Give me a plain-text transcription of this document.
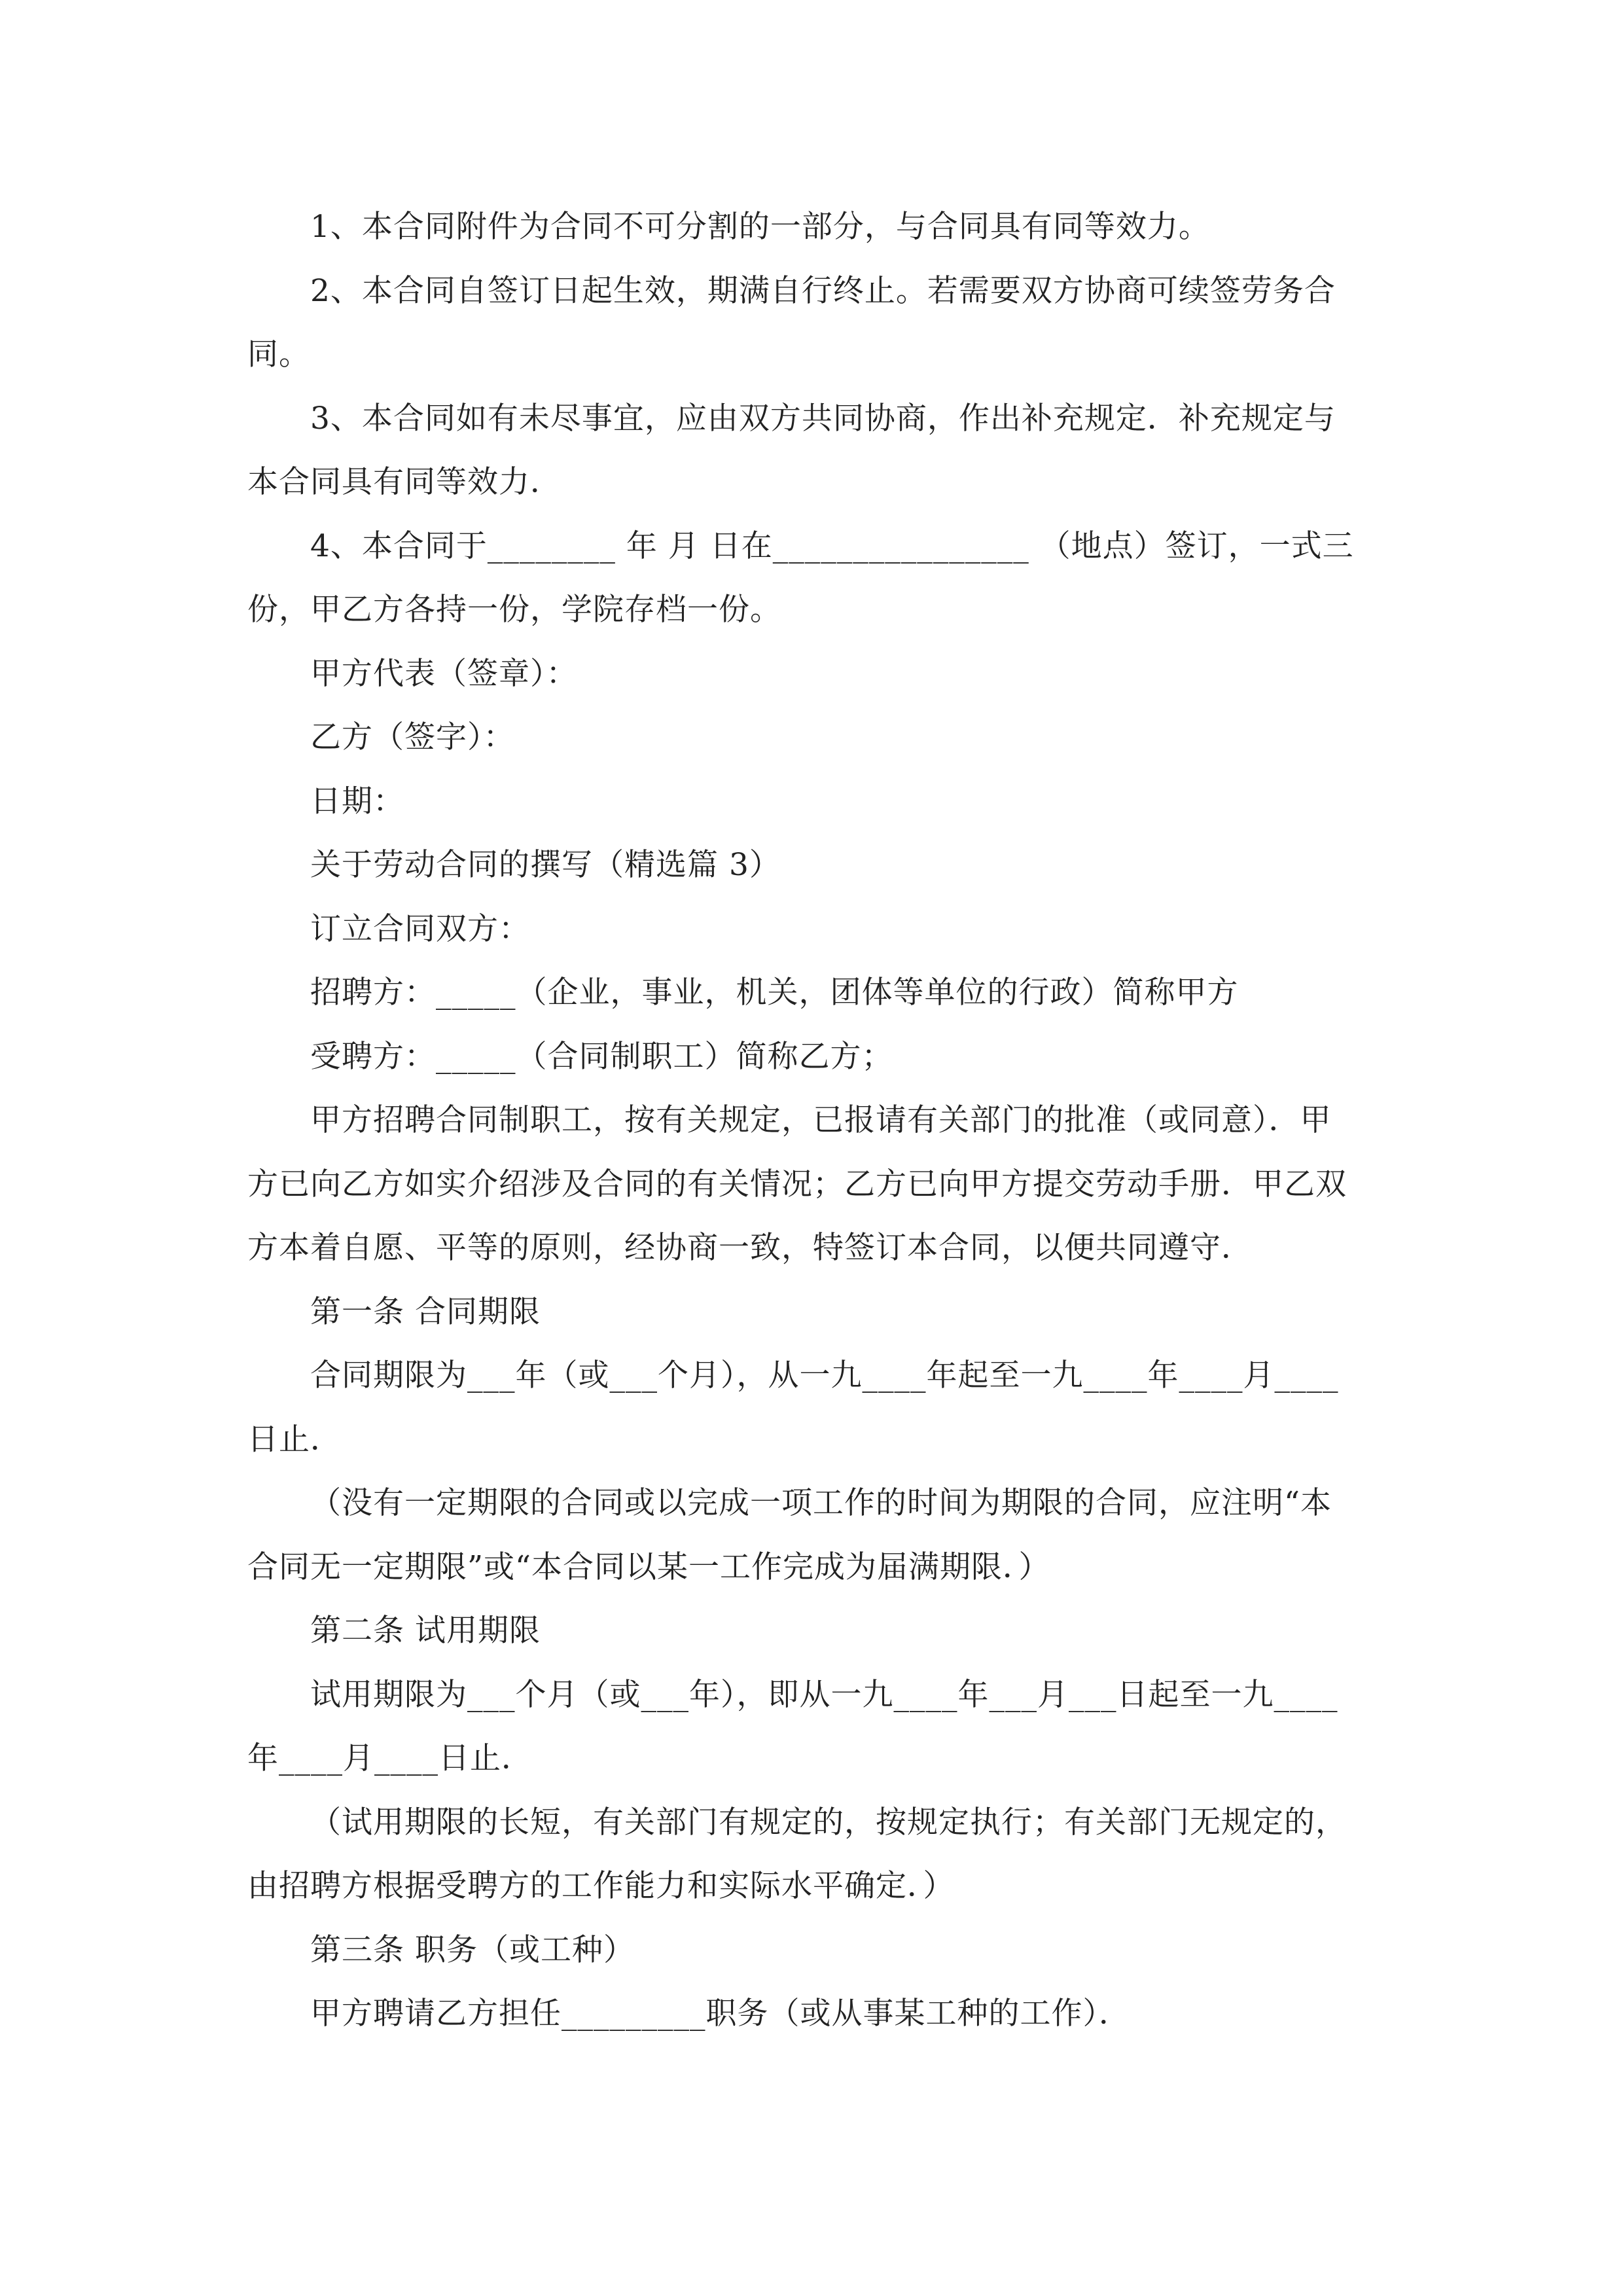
1、本合同附件为合同不可分割的一部分，与合同具有同等效力。

2、本合同自签订日起生效，期满自行终止。若需要双方协商可续签劳务合

同。

3、本合同如有未尽事宜，应由双方共同协商，作出补充规定．补充规定与

本合同具有同等效力．

4、本合同于________ 年 月 日在________________ （地点）签订，一式三

份，甲乙方各持一份，学院存档一份。

甲方代表（签章）：

乙方（签字）：

日期：

关于劳动合同的撰写（精选篇 3）

订立合同双方：

招聘方：_____（企业，事业，机关，团体等单位的行政）简称甲方

受聘方：_____（合同制职工）简称乙方；

甲方招聘合同制职工，按有关规定，已报请有关部门的批准（或同意）．甲

方已向乙方如实介绍涉及合同的有关情况；乙方已向甲方提交劳动手册．甲乙双

方本着自愿、平等的原则，经协商一致，特签订本合同，以便共同遵守．

第一条 合同期限

合同期限为___年（或___个月），从一九____年起至一九____年____月____

日止．

（没有一定期限的合同或以完成一项工作的时间为期限的合同，应注明“本

合同无一定期限”或“本合同以某一工作完成为届满期限．）

第二条 试用期限

试用期限为___个月（或___年），即从一九____年___月___日起至一九____

年____月____日止．

（试用期限的长短，有关部门有规定的，按规定执行；有关部门无规定的，

由招聘方根据受聘方的工作能力和实际水平确定．）

第三条 职务（或工种）

甲方聘请乙方担任_________职务（或从事某工种的工作）．
